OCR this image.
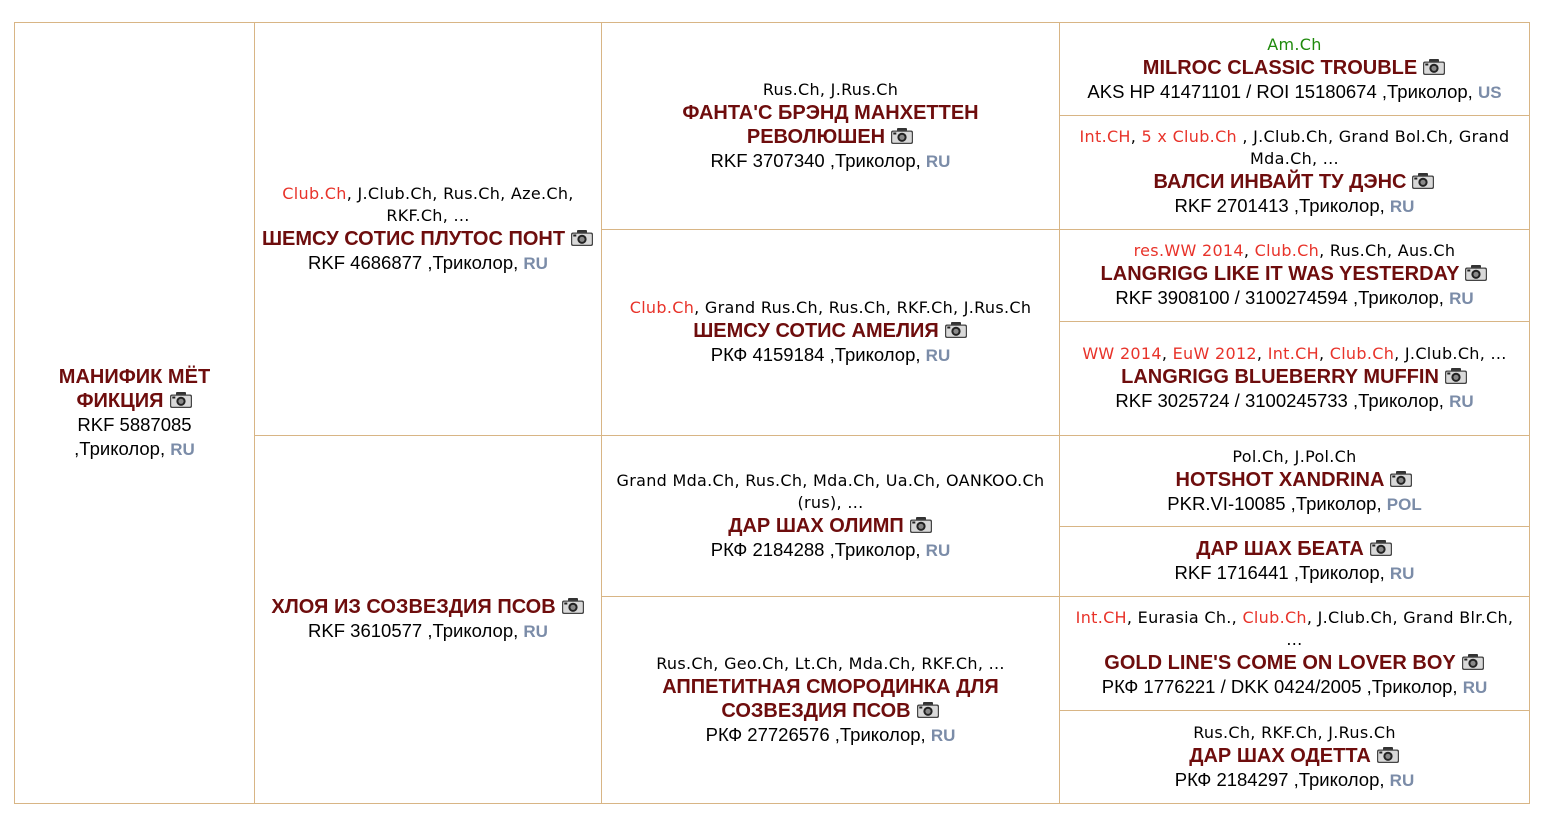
МАНИФИК МЁТ ФИКЦИЯ
RKF 5887085 ,Триколор, RU
Club.Ch, J.Club.Ch, Rus.Ch, Aze.Ch, RKF.Ch, ...
ШЕМСУ СОТИС ПЛУТОС ПОНТ
RKF 4686877 ,Триколор, RU
ХЛОЯ ИЗ СОЗВЕЗДИЯ ПСОВ
RKF 3610577 ,Триколор, RU
Rus.Ch, J.Rus.Ch
ФАНТА'С БРЭНД МАНХЕТТЕН РЕВОЛЮШЕН
RKF 3707340 ,Триколор, RU
Club.Ch, Grand Rus.Ch, Rus.Ch, RKF.Ch, J.Rus.Ch
ШЕМСУ СОТИС АМЕЛИЯ
РКФ 4159184 ,Триколор, RU
Grand Mda.Ch, Rus.Ch, Mda.Ch, Ua.Ch, OANKOO.Ch (rus), ...
ДАР ШАХ ОЛИМП
РКФ 2184288 ,Триколор, RU
Rus.Ch, Geo.Ch, Lt.Ch, Mda.Ch, RKF.Ch, ...
АППЕТИТНАЯ СМОРОДИНКА ДЛЯ СОЗВЕЗДИЯ ПСОВ
РКФ 27726576 ,Триколор, RU
Am.Ch
MILROC CLASSIC TROUBLE
AKS HP 41471101 / ROI 15180674 ,Триколор, US
Int.CH, 5 x Club.Ch , J.Club.Ch, Grand Bol.Ch, Grand Mda.Ch, ...
ВАЛСИ ИНВАЙТ ТУ ДЭНС
RKF 2701413 ,Триколор, RU
res.WW 2014, Club.Ch, Rus.Ch, Aus.Ch
LANGRIGG LIKE IT WAS YESTERDAY
RKF 3908100 / 3100274594 ,Триколор, RU
WW 2014, EuW 2012, Int.CH, Club.Ch, J.Club.Ch, ...
LANGRIGG BLUEBERRY MUFFIN
RKF 3025724 / 3100245733 ,Триколор, RU
Pol.Ch, J.Pol.Ch
HOTSHOT XANDRINA
PKR.VI-10085 ,Триколор, POL
ДАР ШАХ БЕАТА
RKF 1716441 ,Триколор, RU
Int.CH, Eurasia Ch., Club.Ch, J.Club.Ch, Grand Blr.Ch, ...
GOLD LINE'S COME ON LOVER BOY
РКФ 1776221 / DKK 0424/2005 ,Триколор, RU
Rus.Ch, RKF.Ch, J.Rus.Ch
ДАР ШАХ ОДЕТТА
РКФ 2184297 ,Триколор, RU
